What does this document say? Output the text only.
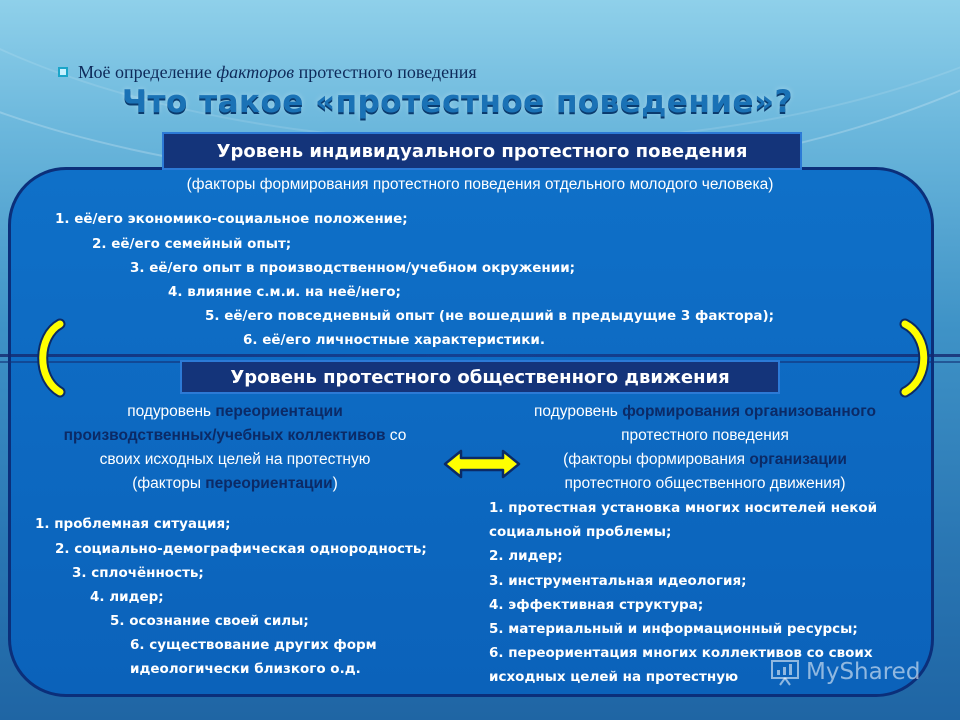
Моё определение факторов протестного поведения
Что такое «протестное поведение»?
Уровень индивидуального протестного поведения
(факторы формирования протестного поведения отдельного молодого человека)
1. её/его экономико-социальное положение;
2. её/его семейный опыт;
3. её/его опыт в производственном/учебном окружении;
4. влияние с.м.и. на неё/него;
5. её/его повседневный опыт (не вошедший в предыдущие 3 фактора);
6. её/его личностные характеристики.
Уровень протестного общественного движения
подуровень переориентации
производственных/учебных коллективов со
своих исходных целей на протестную
(факторы переориентации)
подуровень формирования организованного
протестного поведения
(факторы формирования организации
протестного общественного движения)
1. проблемная ситуация;
2. социально-демографическая однородность;
3. сплочённость;
4. лидер;
5. осознание своей силы;
6. существование других форм
идеологически близкого о.д.
1. протестная установка многих носителей некой
социальной проблемы;
2. лидер;
3. инструментальная идеология;
4. эффективная структура;
5. материальный и информационный ресурсы;
6. переориентация многих коллективов со своих
исходных целей на протестную	MyShared
